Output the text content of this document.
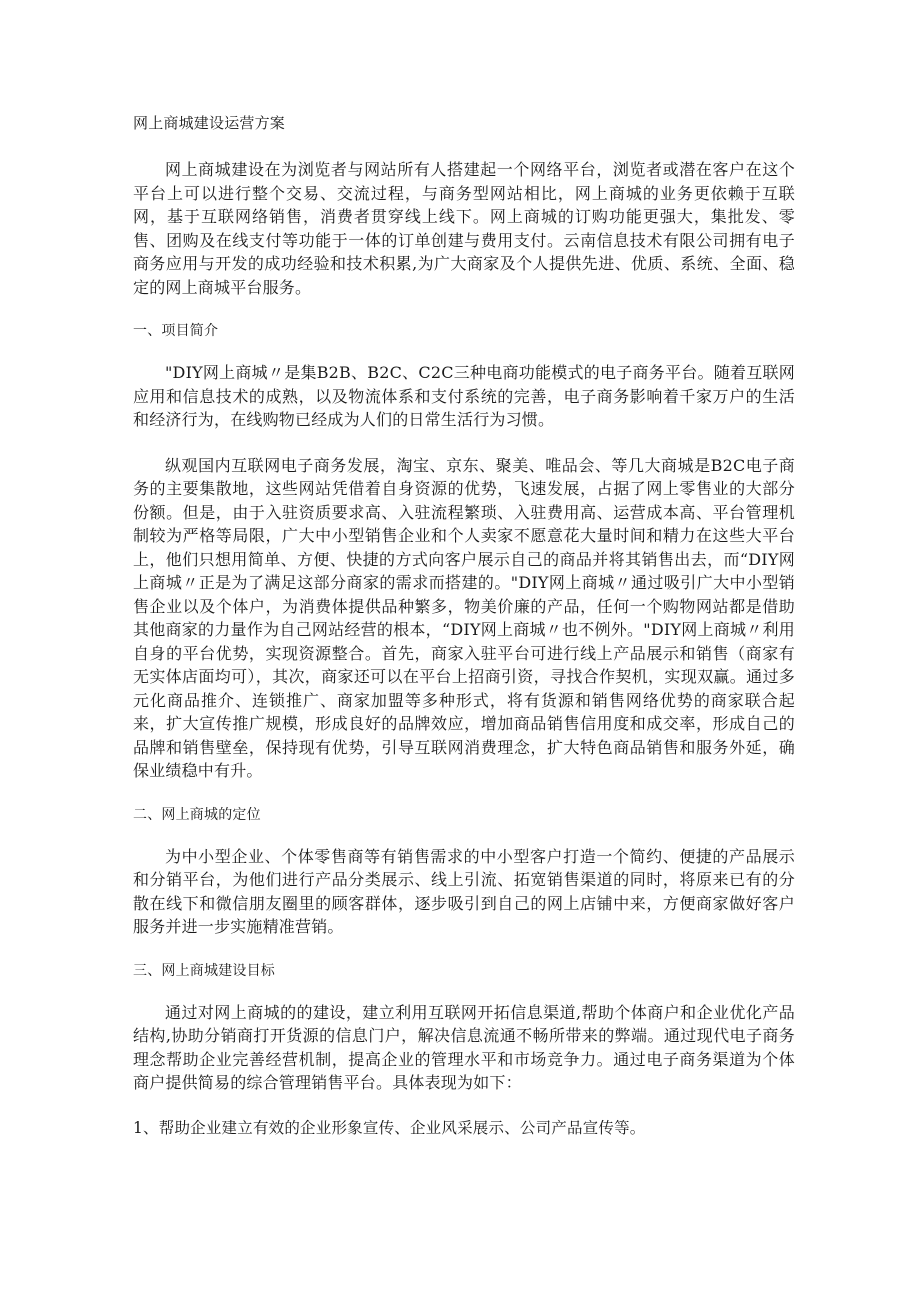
网上商城建设运营方案

网上商城建设在为浏览者与网站所有人搭建起一个网络平台，浏览者或潜在客户在这个平台上可以进行整个交易、交流过程，与商务型网站相比，网上商城的业务更依赖于互联网，基于互联网络销售，消费者贯穿线上线下。网上商城的订购功能更强大，集批发、零售、团购及在线支付等功能于一体的订单创建与费用支付。云南信息技术有限公司拥有电子商务应用与开发的成功经验和技术积累,为广大商家及个人提供先进、优质、系统、全面、稳定的网上商城平台服务。

一、项目简介

"DIY网上商城〃是集B2B、B2C、C2C三种电商功能模式的电子商务平台。随着互联网应用和信息技术的成熟，以及物流体系和支付系统的完善，电子商务影响着千家万户的生活和经济行为，在线购物已经成为人们的日常生活行为习惯。

纵观国内互联网电子商务发展，淘宝、京东、聚美、唯品会、等几大商城是B2C电子商务的主要集散地，这些网站凭借着自身资源的优势，飞速发展，占据了网上零售业的大部分份额。但是，由于入驻资质要求高、入驻流程繁琐、入驻费用高、运营成本高、平台管理机制较为严格等局限，广大中小型销售企业和个人卖家不愿意花大量时间和精力在这些大平台上，他们只想用简单、方便、快捷的方式向客户展示自己的商品并将其销售出去，而“DIY网上商城〃正是为了满足这部分商家的需求而搭建的。"DIY网上商城〃通过吸引广大中小型销售企业以及个体户，为消费体提供品种繁多，物美价廉的产品，任何一个购物网站都是借助其他商家的力量作为自己网站经营的根本，“DIY网上商城〃也不例外。"DIY网上商城〃利用自身的平台优势，实现资源整合。首先，商家入驻平台可进行线上产品展示和销售（商家有无实体店面均可），其次，商家还可以在平台上招商引资，寻找合作契机，实现双赢。通过多元化商品推介、连锁推广、商家加盟等多种形式，将有货源和销售网络优势的商家联合起来，扩大宣传推广规模，形成良好的品牌效应，增加商品销售信用度和成交率，形成自己的品牌和销售壁垒，保持现有优势，引导互联网消费理念，扩大特色商品销售和服务外延，确保业绩稳中有升。

二、网上商城的定位

为中小型企业、个体零售商等有销售需求的中小型客户打造一个简约、便捷的产品展示和分销平台，为他们进行产品分类展示、线上引流、拓宽销售渠道的同时，将原来已有的分散在线下和微信朋友圈里的顾客群体，逐步吸引到自己的网上店铺中来，方便商家做好客户服务并进一步实施精准营销。

三、网上商城建设目标

通过对网上商城的的建设，建立利用互联网开拓信息渠道,帮助个体商户和企业优化产品结构,协助分销商打开货源的信息门户，解决信息流通不畅所带来的弊端。通过现代电子商务理念帮助企业完善经营机制，提高企业的管理水平和市场竞争力。通过电子商务渠道为个体商户提供简易的综合管理销售平台。具体表现为如下：

1、帮助企业建立有效的企业形象宣传、企业风采展示、公司产品宣传等。
